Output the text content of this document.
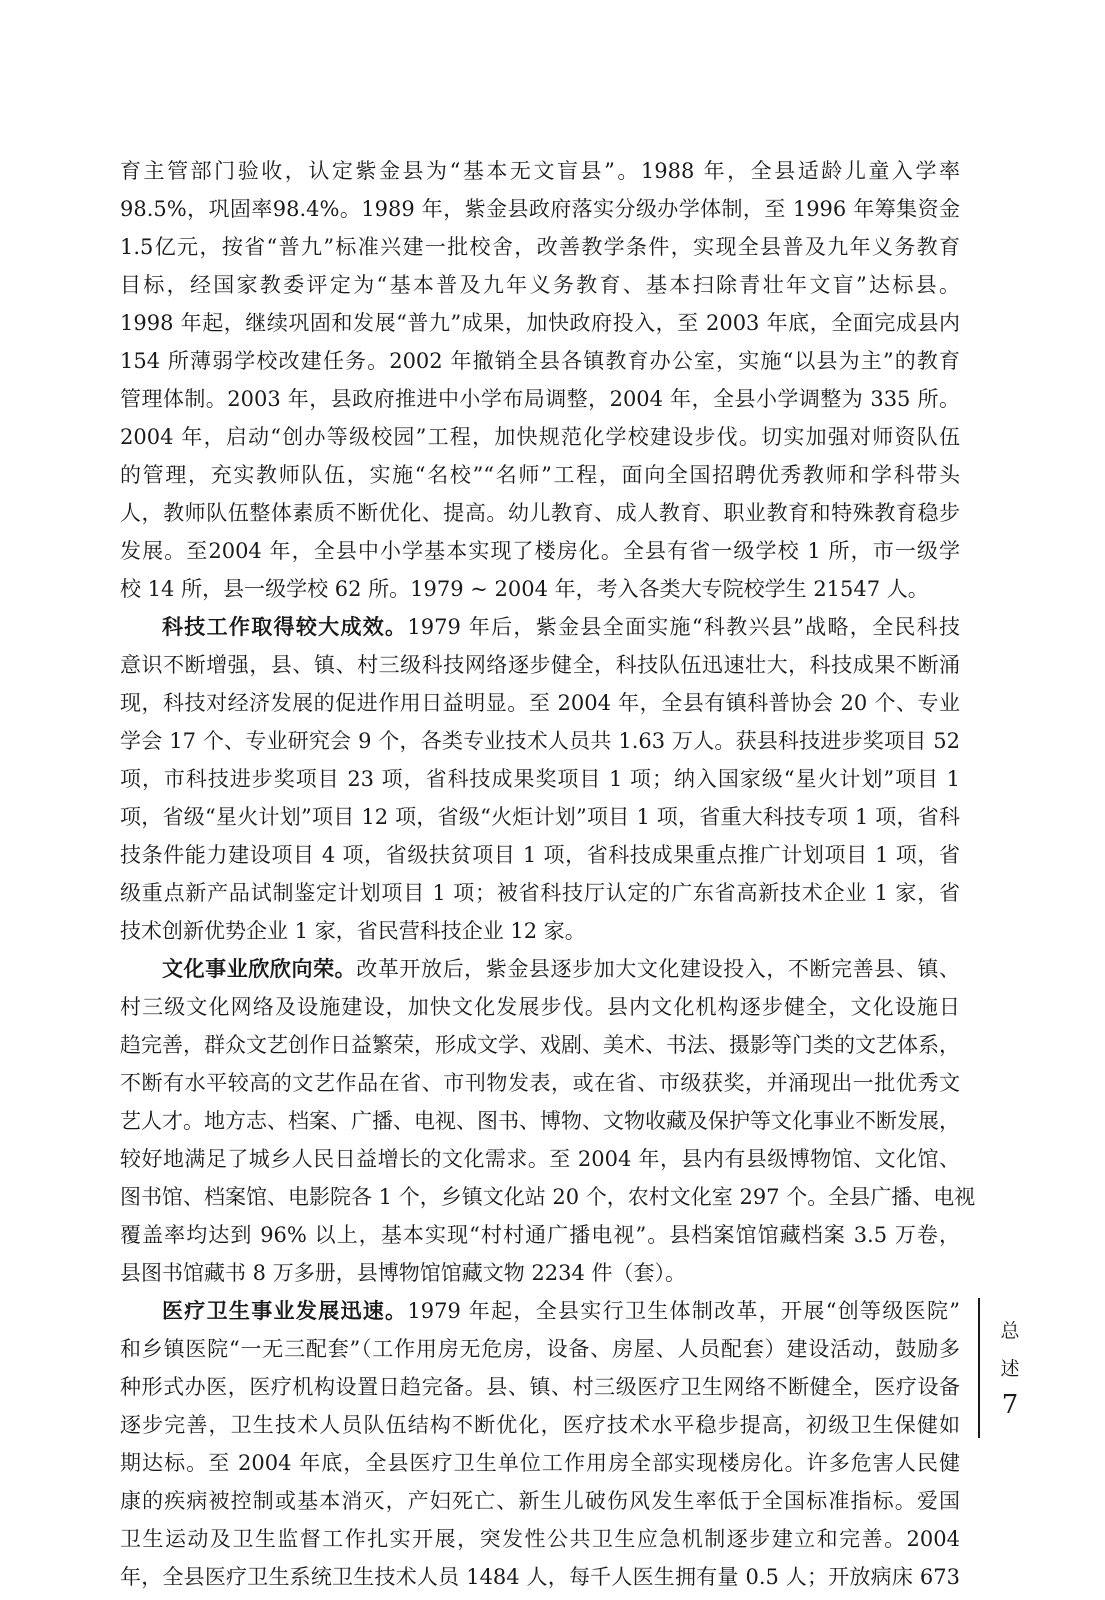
育主管部门验收，认定紫金县为“基本无文盲县”。1988 年，全县适龄儿童入学率
98.5%，巩固率98.4%。1989 年，紫金县政府落实分级办学体制，至 1996 年筹集资金
1.5亿元，按省“普九”标准兴建一批校舍，改善教学条件，实现全县普及九年义务教育
目标，经国家教委评定为“基本普及九年义务教育、基本扫除青壮年文盲”达标县。
1998 年起，继续巩固和发展“普九”成果，加快政府投入，至 2003 年底，全面完成县内
154 所薄弱学校改建任务。2002 年撤销全县各镇教育办公室，实施“以县为主”的教育
管理体制。2003 年，县政府推进中小学布局调整，2004 年，全县小学调整为 335 所。
2004 年，启动“创办等级校园”工程，加快规范化学校建设步伐。切实加强对师资队伍
的管理，充实教师队伍，实施“名校”“名师”工程，面向全国招聘优秀教师和学科带头
人，教师队伍整体素质不断优化、提高。幼儿教育、成人教育、职业教育和特殊教育稳步
发展。至2004 年，全县中小学基本实现了楼房化。全县有省一级学校 1 所，市一级学
校 14 所，县一级学校 62 所。1979 ~ 2004 年，考入各类大专院校学生 21547 人。
科技工作取得较大成效。1979 年后，紫金县全面实施“科教兴县”战略，全民科技
意识不断增强，县、镇、村三级科技网络逐步健全，科技队伍迅速壮大，科技成果不断涌
现，科技对经济发展的促进作用日益明显。至 2004 年，全县有镇科普协会 20 个、专业
学会 17 个、专业研究会 9 个，各类专业技术人员共 1.63 万人。获县科技进步奖项目 52
项，市科技进步奖项目 23 项，省科技成果奖项目 1 项；纳入国家级“星火计划”项目 1
项，省级“星火计划”项目 12 项，省级“火炬计划”项目 1 项，省重大科技专项 1 项，省科
技条件能力建设项目 4 项，省级扶贫项目 1 项，省科技成果重点推广计划项目 1 项，省
级重点新产品试制鉴定计划项目 1 项；被省科技厅认定的广东省高新技术企业 1 家，省
技术创新优势企业 1 家，省民营科技企业 12 家。
文化事业欣欣向荣。改革开放后，紫金县逐步加大文化建设投入，不断完善县、镇、
村三级文化网络及设施建设，加快文化发展步伐。县内文化机构逐步健全，文化设施日
趋完善，群众文艺创作日益繁荣，形成文学、戏剧、美术、书法、摄影等门类的文艺体系，
不断有水平较高的文艺作品在省、市刊物发表，或在省、市级获奖，并涌现出一批优秀文
艺人才。地方志、档案、广播、电视、图书、博物、文物收藏及保护等文化事业不断发展，
较好地满足了城乡人民日益增长的文化需求。至 2004 年，县内有县级博物馆、文化馆、
图书馆、档案馆、电影院各 1 个，乡镇文化站 20 个，农村文化室 297 个。全县广播、电视
覆盖率均达到 96% 以上，基本实现“村村通广播电视”。县档案馆馆藏档案 3.5 万卷，
县图书馆藏书 8 万多册，县博物馆馆藏文物 2234 件（套）。
医疗卫生事业发展迅速。1979 年起，全县实行卫生体制改革，开展“创等级医院”
和乡镇医院“一无三配套”（工作用房无危房，设备、房屋、人员配套）建设活动，鼓励多
种形式办医，医疗机构设置日趋完备。县、镇、村三级医疗卫生网络不断健全，医疗设备
逐步完善，卫生技术人员队伍结构不断优化，医疗技术水平稳步提高，初级卫生保健如
期达标。至 2004 年底，全县医疗卫生单位工作用房全部实现楼房化。许多危害人民健
康的疾病被控制或基本消灭，产妇死亡、新生儿破伤风发生率低于全国标准指标。爱国
卫生运动及卫生监督工作扎实开展，突发性公共卫生应急机制逐步建立和完善。2004
年，全县医疗卫生系统卫生技术人员 1484 人，每千人医生拥有量 0.5 人；开放病床 673
总
述
7
